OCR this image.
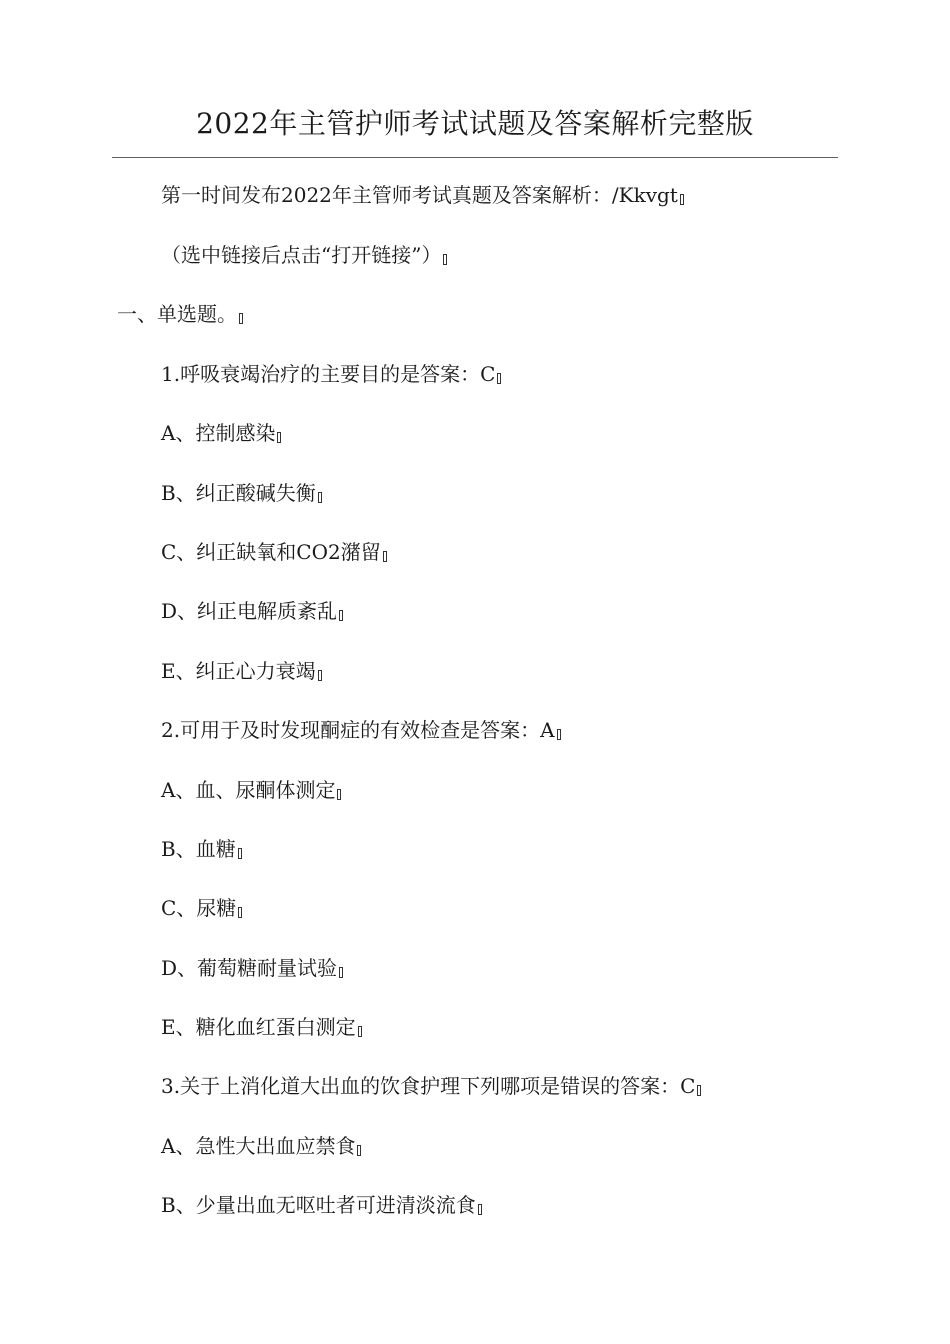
2022年主管护师考试试题及答案解析完整版
第一时间发布2022年主管师考试真题及答案解析：/Kkvgt
（选中链接后点击“打开链接”）
一、单选题。
1.呼吸衰竭治疗的主要目的是答案：C
A、控制感染
B、纠正酸碱失衡
C、纠正缺氧和CO2潴留
D、纠正电解质紊乱
E、纠正心力衰竭
2.可用于及时发现酮症的有效检查是答案：A
A、血、尿酮体测定
B、血糖
C、尿糖
D、葡萄糖耐量试验
E、糖化血红蛋白测定
3.关于上消化道大出血的饮食护理下列哪项是错误的答案：C
A、急性大出血应禁食
B、少量出血无呕吐者可进清淡流食
